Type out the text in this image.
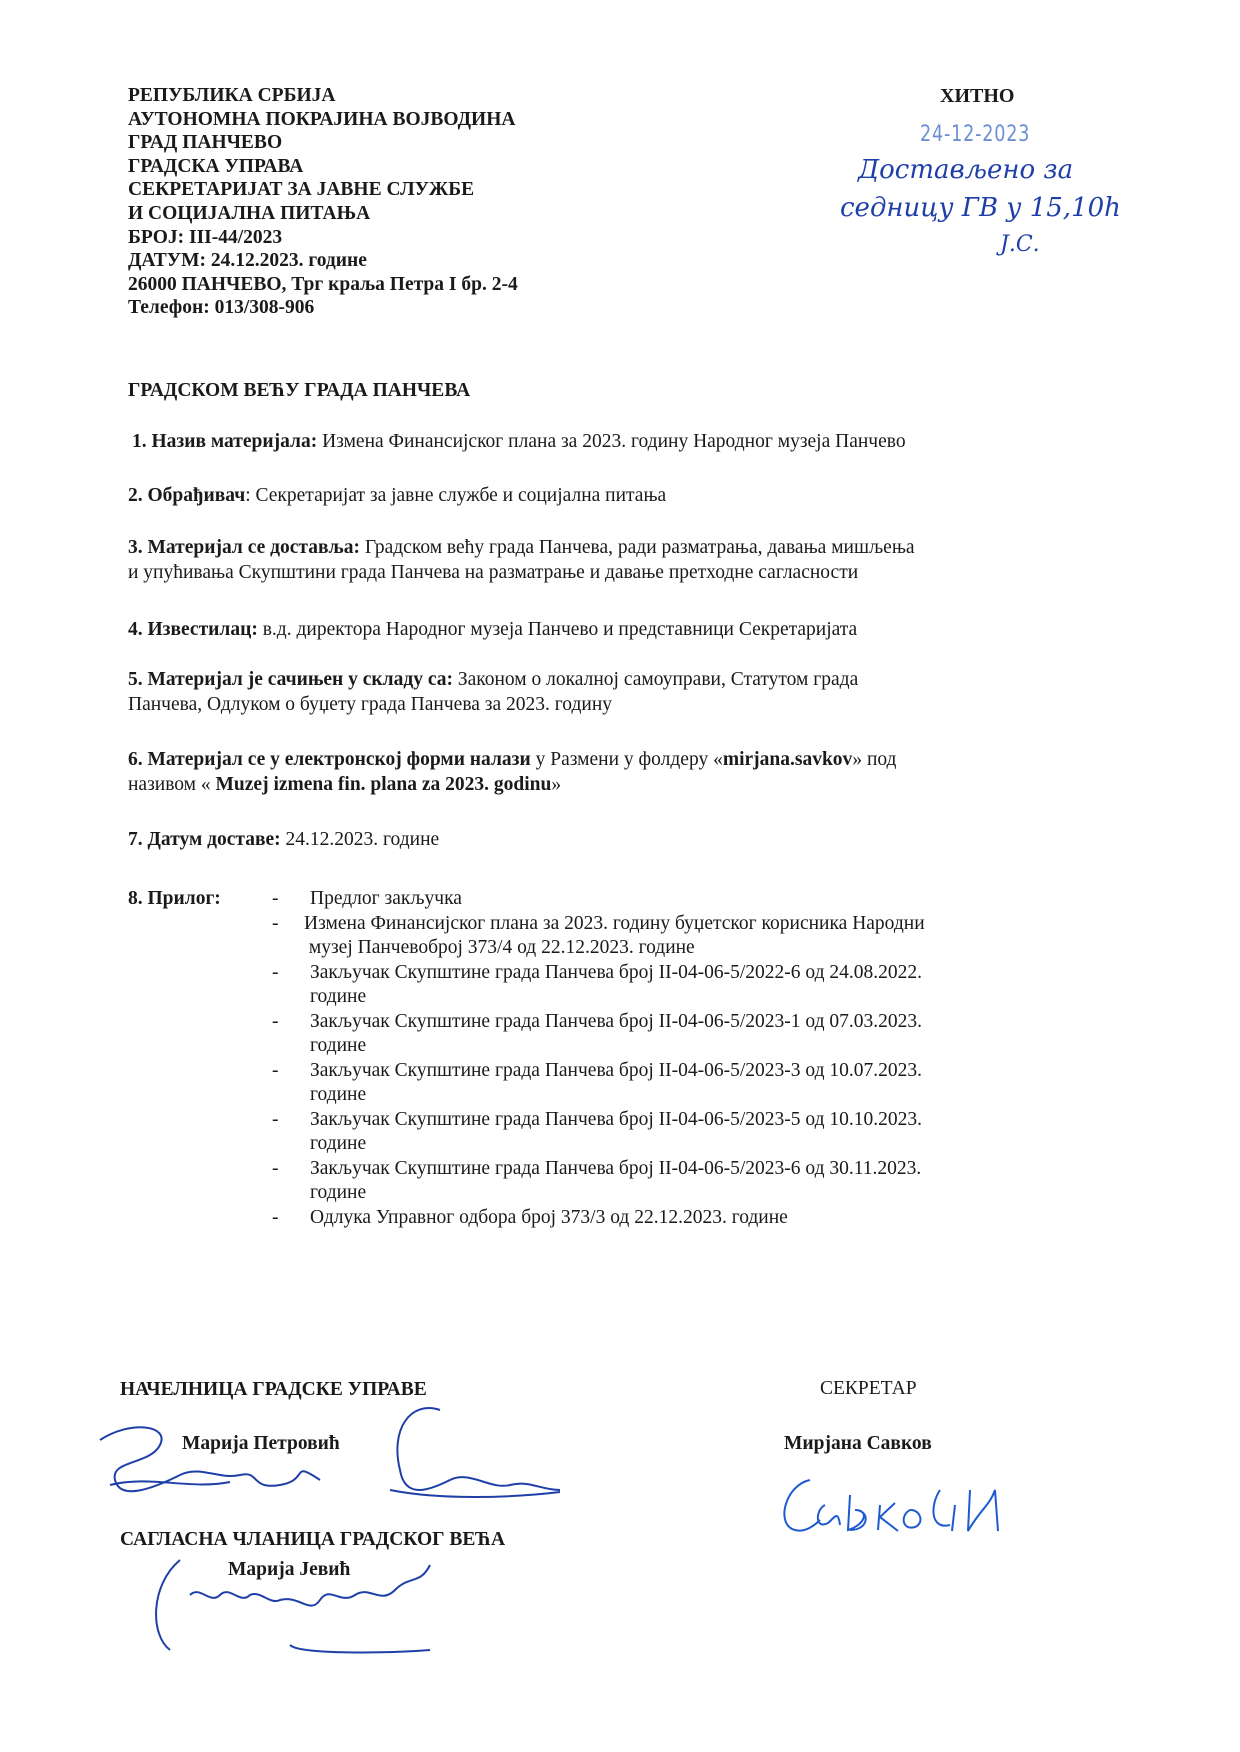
РЕПУБЛИКА СРБИЈА
АУТОНОМНА ПОКРАЈИНА ВОЈВОДИНА
ГРАД ПАНЧЕВО
ГРАДСКА УПРАВА
СЕКРЕТАРИЈАТ ЗА ЈАВНЕ СЛУЖБЕ
И СОЦИЈАЛНА ПИТАЊА
БРОЈ: III-44/2023
ДАТУМ: 24.12.2023. године
26000 ПАНЧЕВО, Трг краља Петра I бр. 2-4
Телефон: 013/308-906
ХИТНО
24-12-2023
Достављено за
седницу ГВ у 15,10h
Ј.С.
ГРАДСКОМ ВЕЋУ ГРАДА ПАНЧЕВА
1. Назив материјала: Измена Финансијског плана за 2023. годину Народног музеја Панчево
2. Обрађивач: Секретаријат за јавне службе и социјална питања
3. Материјал се доставља: Градском већу града Панчева, ради разматрања, давања мишљења
и упућивања Скупштини града Панчева на разматрање и давање претходне сагласности
4. Известилац: в.д. директора Народног музеја Панчево и представници Секретаријата
5. Материјал је сачињен у складу са: Законом о локалној самоуправи, Статутом града
Панчева, Одлуком о буџету града Панчева за 2023. годину
6. Материјал се у електронској форми налази у Размени у фолдеру «mirjana.savkov» под
називом « Muzej izmena fin. plana za 2023. godinu»
7. Датум доставе: 24.12.2023. године
8. Прилог:	- Предлог закључка
- Измена Финансијског плана за 2023. годину буџетског корисника Народни
музеј Панчевоброј 373/4 од 22.12.2023. године
- Закључак Скупштине града Панчева број II-04-06-5/2022-6 од 24.08.2022.
године
- Закључак Скупштине града Панчева број II-04-06-5/2023-1 од 07.03.2023.
године
- Закључак Скупштине града Панчева број II-04-06-5/2023-3 од 10.07.2023.
године
- Закључак Скупштине града Панчева број II-04-06-5/2023-5 од 10.10.2023.
године
- Закључак Скупштине града Панчева број II-04-06-5/2023-6 од 30.11.2023.
године
- Одлука Управног одбора број 373/3 од 22.12.2023. године
НАЧЕЛНИЦА ГРАДСКЕ УПРАВЕ
Марија Петровић
САГЛАСНА ЧЛАНИЦА ГРАДСКОГ ВЕЋА
Марија Јевић
СЕКРЕТАР
Мирјана Савков
